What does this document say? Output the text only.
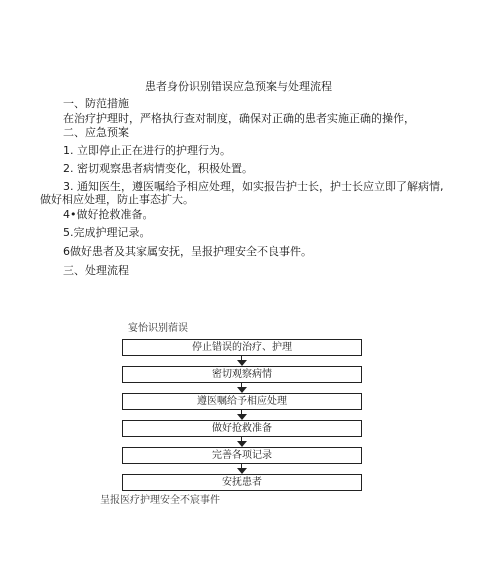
患者身份识别错误应急预案与处理流程
一、防范措施
在治疗护理时，严格执行查对制度，确保对正确的患者实施正确的操作，
二、应急预案
1. 立即停止正在进行的护理行为。
2. 密切观察患者病情变化，积极处置。
3. 通知医生，遵医嘱给予相应处理，如实报告护士长，护士长应立即了解病情,
做好相应处理，防止事态扩大。
4•做好抢救准备。
5.完成护理记录。
6做好患者及其家属安抚，呈报护理安全不良事件。
三、处理流程
宴怡识别蓿误
停止错误的治疗、护理
密切观察病情
遵医嘱给予相应处理
做好抢救准备
完善各项记录
安抚患者
呈报医疗护理安全不宸事件
